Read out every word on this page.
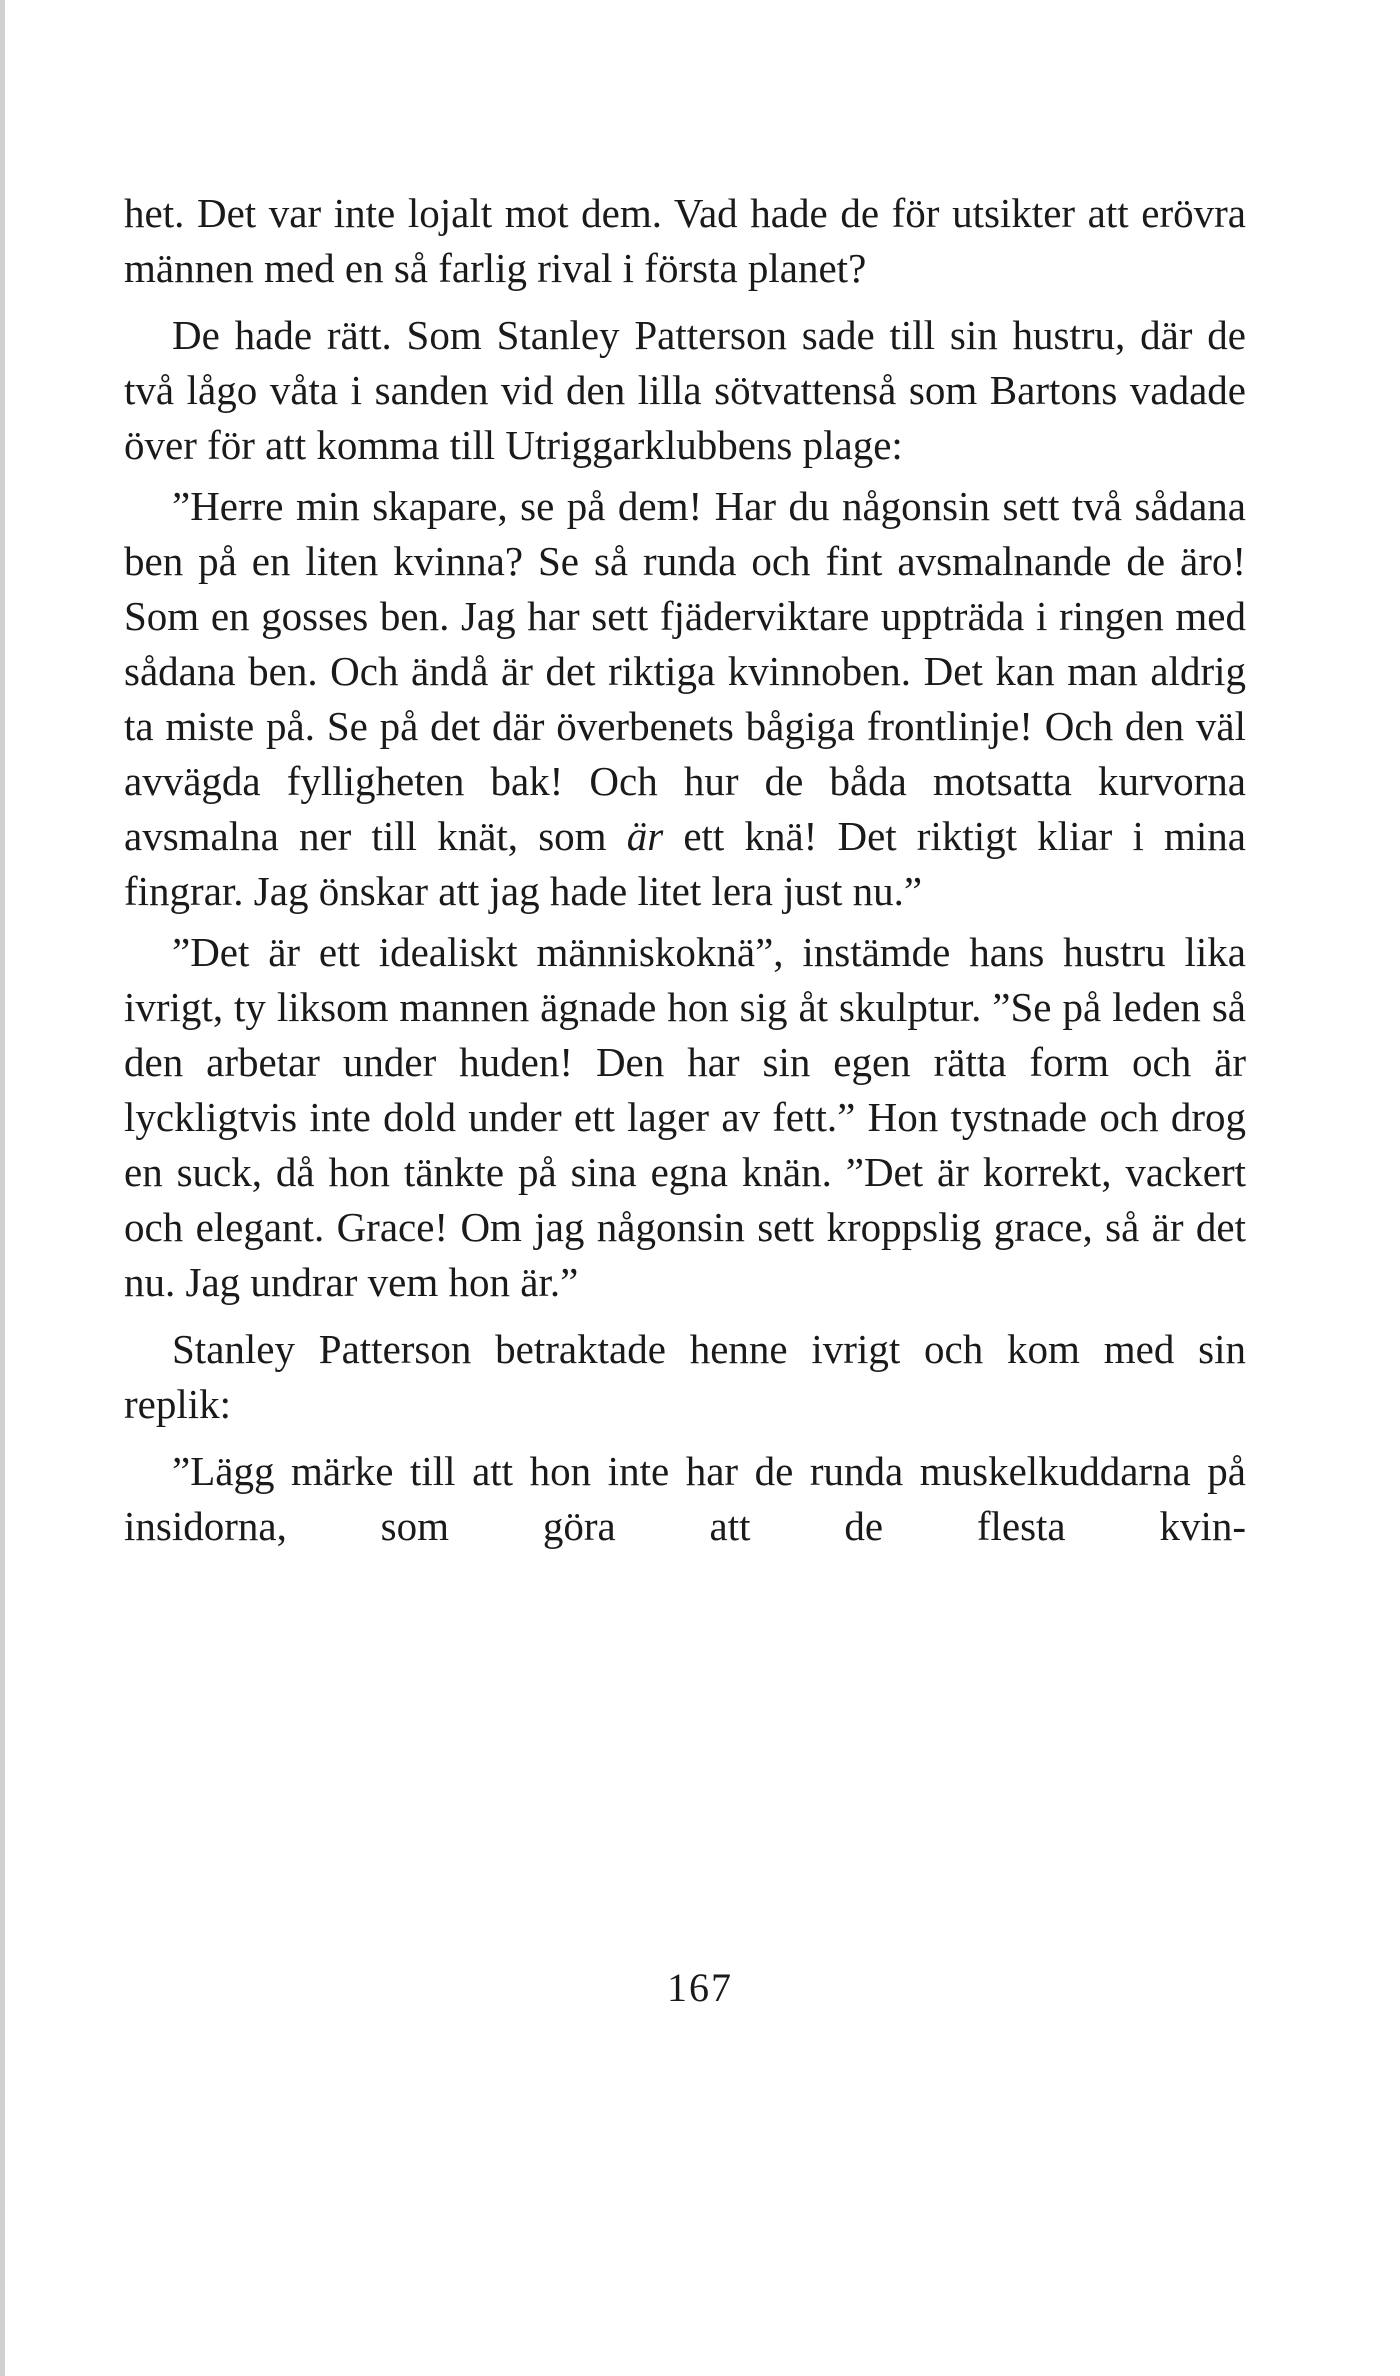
het. Det var inte lojalt mot dem. Vad hade de för utsikter att erövra männen med en så farlig rival i första planet?

De hade rätt. Som Stanley Patterson sade till sin hustru, där de två lågo våta i sanden vid den lilla sötvattenså som Bartons vadade över för att komma till Utriggarklubbens plage:

”Herre min skapare, se på dem! Har du någonsin sett två sådana ben på en liten kvinna? Se så runda och fint avsmalnande de äro! Som en gosses ben. Jag har sett fjäderviktare uppträda i ringen med sådana ben. Och ändå är det riktiga kvinnoben. Det kan man aldrig ta miste på. Se på det där överbenets bågiga frontlinje! Och den väl avvägda fylligheten bak! Och hur de båda motsatta kurvorna avsmalna ner till knät, som är ett knä! Det riktigt kliar i mina fingrar. Jag önskar att jag hade litet lera just nu.”

”Det är ett idealiskt människoknä”, instämde hans hustru lika ivrigt, ty liksom mannen ägnade hon sig åt skulptur. ”Se på leden så den arbetar under huden! Den har sin egen rätta form och är lyckligtvis inte dold under ett lager av fett.” Hon tystnade och drog en suck, då hon tänkte på sina egna knän. ”Det är korrekt, vackert och elegant. Grace! Om jag någonsin sett kroppslig grace, så är det nu. Jag undrar vem hon är.”

Stanley Patterson betraktade henne ivrigt och kom med sin replik:

”Lägg märke till att hon inte har de runda muskelkuddarna på insidorna, som göra att de flesta kvin-

167
